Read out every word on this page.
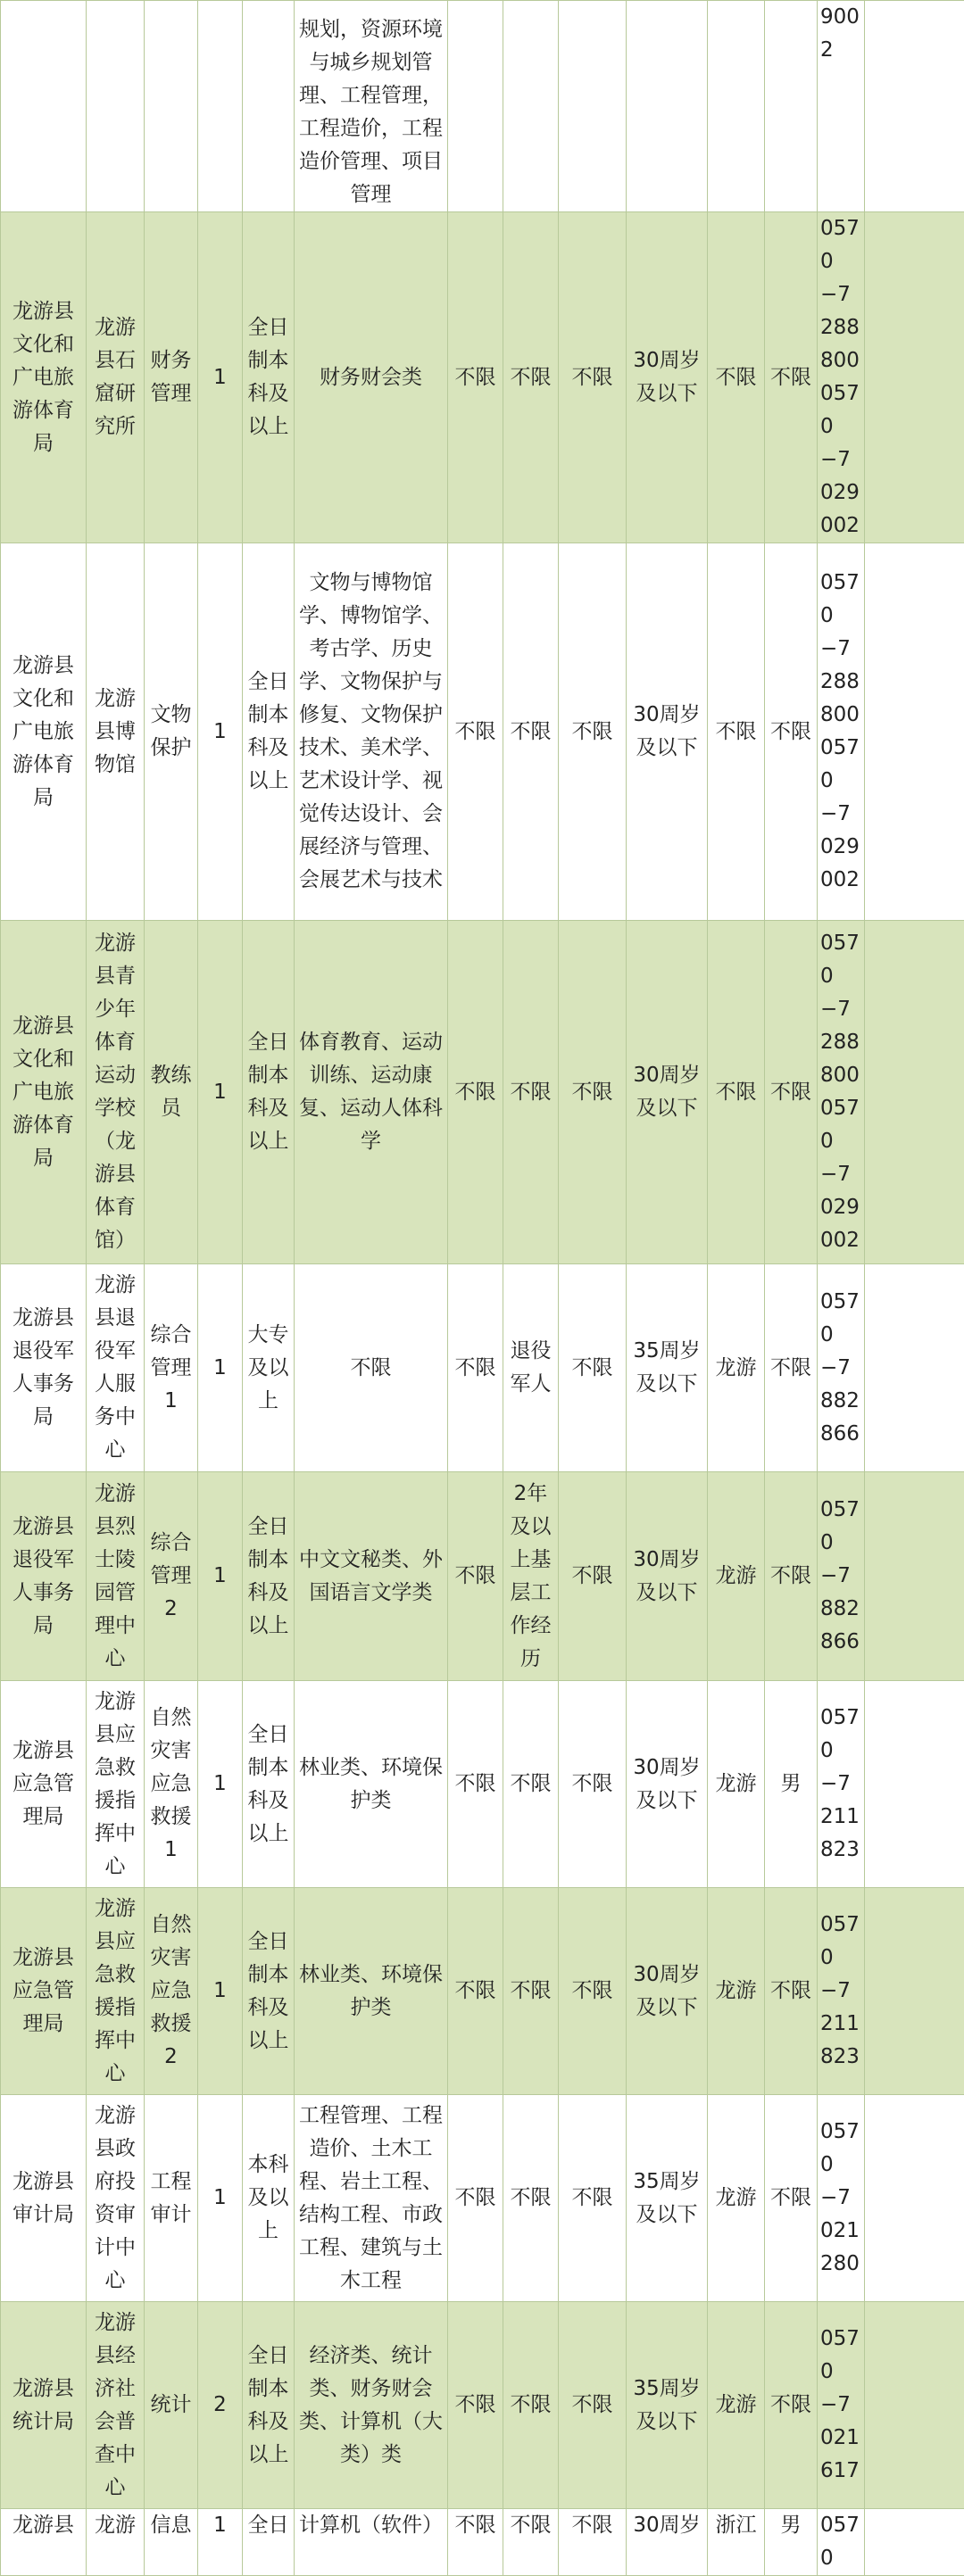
					规划，资源环境与城乡规划管理、工程管理，工程造价，工程造价管理、项目管理							9002	
龙游县文化和广电旅游体育局	龙游县石窟研究所	财务管理	1	全日制本科及以上	财务财会类	不限	不限	不限	30周岁及以下	不限	不限	0570−7288800 0570−7029002	
龙游县文化和广电旅游体育局	龙游县博物馆	文物保护	1	全日制本科及以上	文物与博物馆学、博物馆学、考古学、历史学、文物保护与修复、文物保护技术、美术学、艺术设计学、视觉传达设计、会展经济与管理、会展艺术与技术	不限	不限	不限	30周岁及以下	不限	不限	0570−7288800 0570−7029002	
龙游县文化和广电旅游体育局	龙游县青少年体育运动学校（龙游县体育馆）	教练员	1	全日制本科及以上	体育教育、运动训练、运动康复、运动人体科学	不限	不限	不限	30周岁及以下	不限	不限	0570−7288800 0570−7029002	
龙游县退役军人事务局	龙游县退役军人服务中心	综合管理1	1	大专及以上	不限	不限	退役军人	不限	35周岁及以下	龙游	不限	0570−7882866	
龙游县退役军人事务局	龙游县烈士陵园管理中心	综合管理2	1	全日制本科及以上	中文文秘类、外国语言文学类	不限	2年及以上基层工作经历	不限	30周岁及以下	龙游	不限	0570−7882866	
龙游县应急管理局	龙游县应急救援指挥中心	自然灾害应急救援1	1	全日制本科及以上	林业类、环境保护类	不限	不限	不限	30周岁及以下	龙游	男	0570−7211823	
龙游县应急管理局	龙游县应急救援指挥中心	自然灾害应急救援2	1	全日制本科及以上	林业类、环境保护类	不限	不限	不限	30周岁及以下	龙游	不限	0570−7211823	
龙游县审计局	龙游县政府投资审计中心	工程审计	1	本科及以上	工程管理、工程造价、土木工程、岩土工程、结构工程、市政工程、建筑与土木工程	不限	不限	不限	35周岁及以下	龙游	不限	0570−7021280	
龙游县统计局	龙游县经济社会普查中心	统计	2	全日制本科及以上	经济类、统计类、财务财会类、计算机（大类）类	不限	不限	不限	35周岁及以下	龙游	不限	0570−7021617	
龙游县	龙游	信息	1	全日	计算机（软件）	不限	不限	不限	30周岁	浙江	男	0570	
